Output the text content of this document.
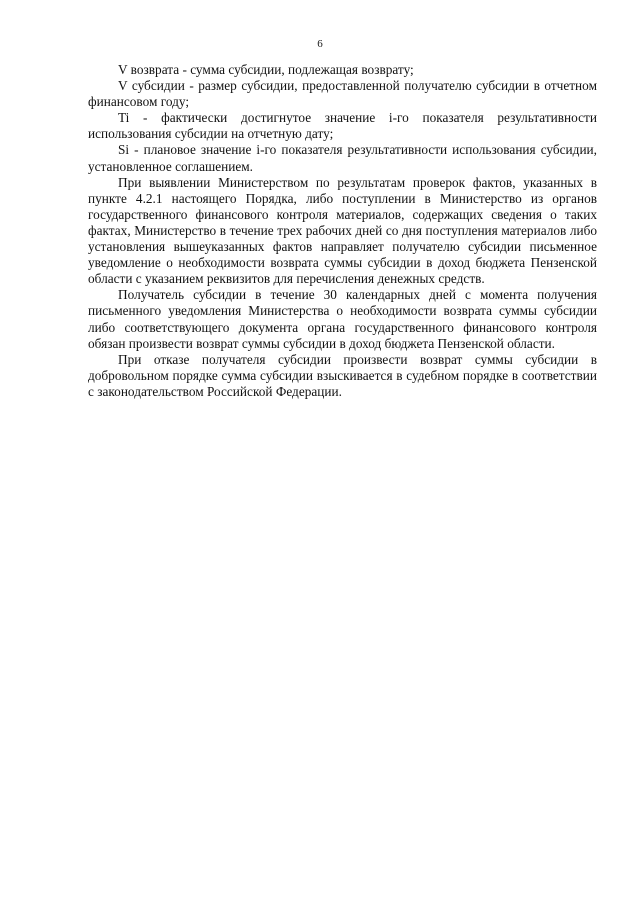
6

V возврата - сумма субсидии, подлежащая возврату;

V субсидии - размер субсидии, предоставленной получателю субсидии в отчетном финансовом году;

Ti - фактически достигнутое значение i-го показателя результативности использования субсидии на отчетную дату;

Si - плановое значение i-го показателя результативности использования субсидии, установленное соглашением.

При выявлении Министерством по результатам проверок фактов, указанных в пункте 4.2.1 настоящего Порядка, либо поступлении в Министерство из органов государственного финансового контроля материалов, содержащих сведения о таких фактах, Министерство в течение трех рабочих дней со дня поступления материалов либо установления вышеуказанных фактов направляет получателю субсидии письменное уведомление о необходимости возврата суммы субсидии в доход бюджета Пензенской области с указанием реквизитов для перечисления денежных средств.

Получатель субсидии в течение 30 календарных дней с момента получения письменного уведомления Министерства о необходимости возврата суммы субсидии либо соответствующего документа органа государственного финансового контроля обязан произвести возврат суммы субсидии в доход бюджета Пензенской области.

При отказе получателя субсидии произвести возврат суммы субсидии в добровольном порядке сумма субсидии взыскивается в судебном порядке в соответствии с законодательством Российской Федерации.
